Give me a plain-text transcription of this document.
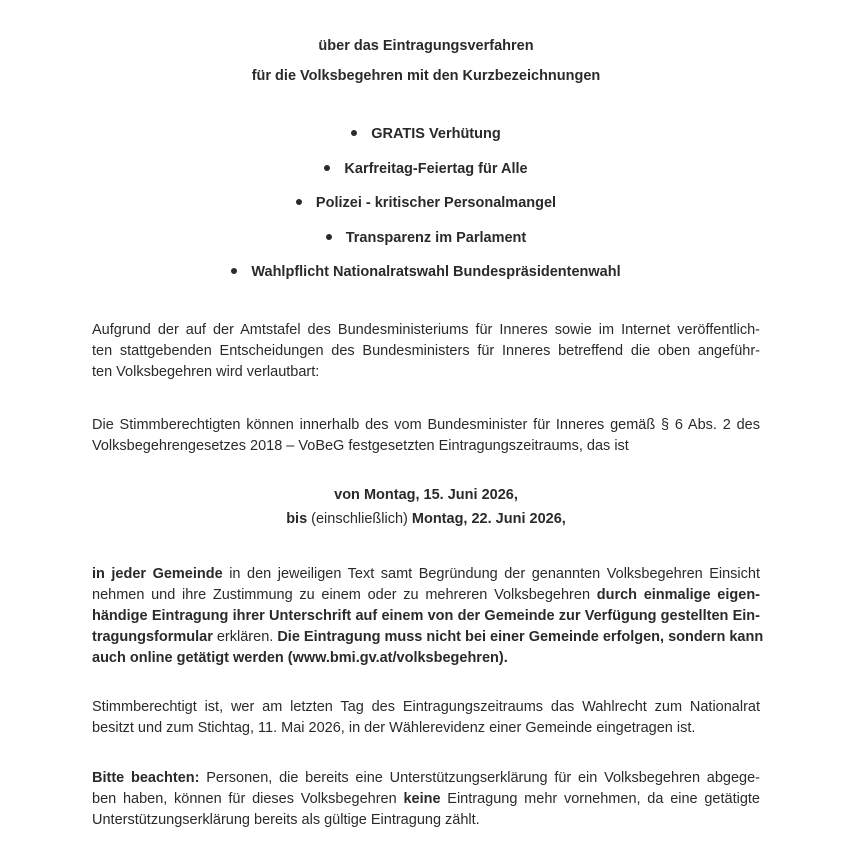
über das Eintragungsverfahren
für die Volksbegehren mit den Kurzbezeichnungen
GRATIS Verhütung
Karfreitag-Feiertag für Alle
Polizei - kritischer Personalmangel
Transparenz im Parlament
Wahlpflicht Nationalratswahl Bundespräsidentenwahl
Aufgrund der auf der Amtstafel des Bundesministeriums für Inneres sowie im Internet veröffentlich-
ten stattgebenden Entscheidungen des Bundesministers für Inneres betreffend die oben angeführ-
ten Volksbegehren wird verlautbart:
Die Stimmberechtigten können innerhalb des vom Bundesminister für Inneres gemäß § 6 Abs. 2 des
Volksbegehrengesetzes 2018 – VoBeG festgesetzten Eintragungszeitraums, das ist
von Montag, 15. Juni 2026,
bis (einschließlich) Montag, 22. Juni 2026,
in jeder Gemeinde in den jeweiligen Text samt Begründung der genannten Volksbegehren Einsicht
nehmen und ihre Zustimmung zu einem oder zu mehreren Volksbegehren durch einmalige eigen-
händige Eintragung ihrer Unterschrift auf einem von der Gemeinde zur Verfügung gestellten Ein-
tragungsformular erklären. Die Eintragung muss nicht bei einer Gemeinde erfolgen, sondern kann
auch online getätigt werden (www.bmi.gv.at/volksbegehren).
Stimmberechtigt ist, wer am letzten Tag des Eintragungszeitraums das Wahlrecht zum Nationalrat
besitzt und zum Stichtag, 11. Mai 2026, in der Wählerevidenz einer Gemeinde eingetragen ist.
Bitte beachten: Personen, die bereits eine Unterstützungserklärung für ein Volksbegehren abgege-
ben haben, können für dieses Volksbegehren keine Eintragung mehr vornehmen, da eine getätigte
Unterstützungserklärung bereits als gültige Eintragung zählt.
